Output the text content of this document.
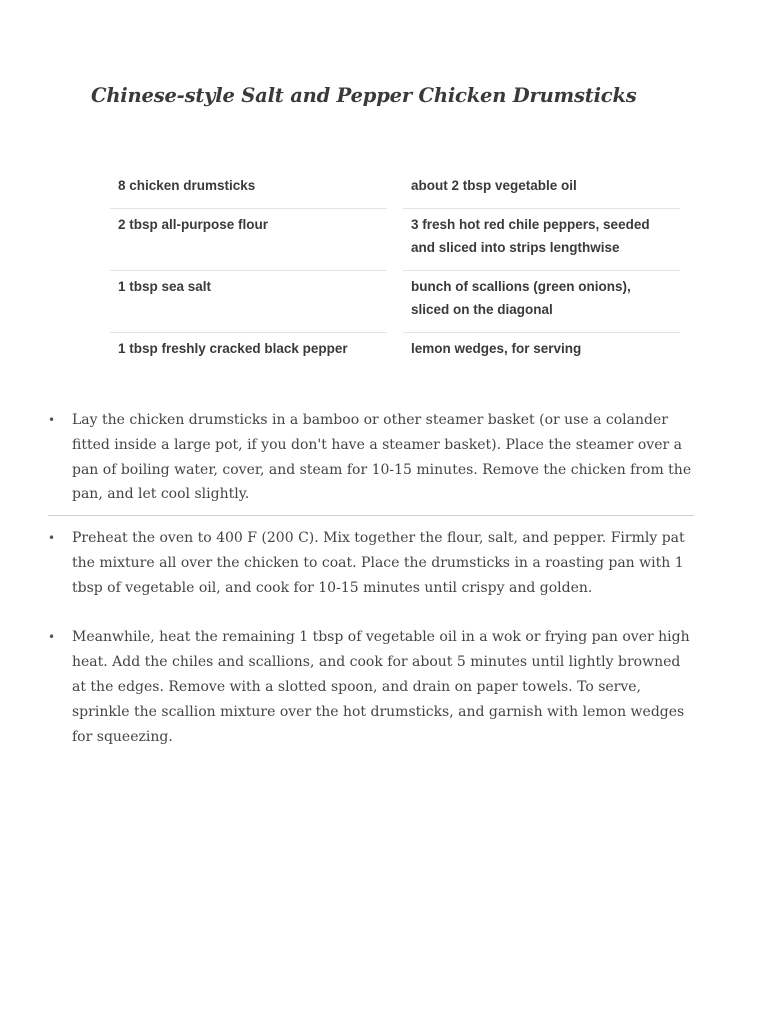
Chinese-style Salt and Pepper Chicken Drumsticks
8 chicken drumsticks
2 tbsp all-purpose flour
1 tbsp sea salt
1 tbsp freshly cracked black pepper
about 2 tbsp vegetable oil
3 fresh hot red chile peppers, seeded and sliced into strips lengthwise
bunch of scallions (green onions), sliced on the diagonal
lemon wedges, for serving
• Lay the chicken drumsticks in a bamboo or other steamer basket (or use a colander fitted inside a large pot, if you don't have a steamer basket). Place the steamer over a pan of boiling water, cover, and steam for 10-15 minutes. Remove the chicken from the pan, and let cool slightly.
• Preheat the oven to 400 F (200 C). Mix together the flour, salt, and pepper. Firmly pat the mixture all over the chicken to coat. Place the drumsticks in a roasting pan with 1 tbsp of vegetable oil, and cook for 10-15 minutes until crispy and golden.
• Meanwhile, heat the remaining 1 tbsp of vegetable oil in a wok or frying pan over high heat. Add the chiles and scallions, and cook for about 5 minutes until lightly browned at the edges. Remove with a slotted spoon, and drain on paper towels. To serve, sprinkle the scallion mixture over the hot drumsticks, and garnish with lemon wedges for squeezing.
